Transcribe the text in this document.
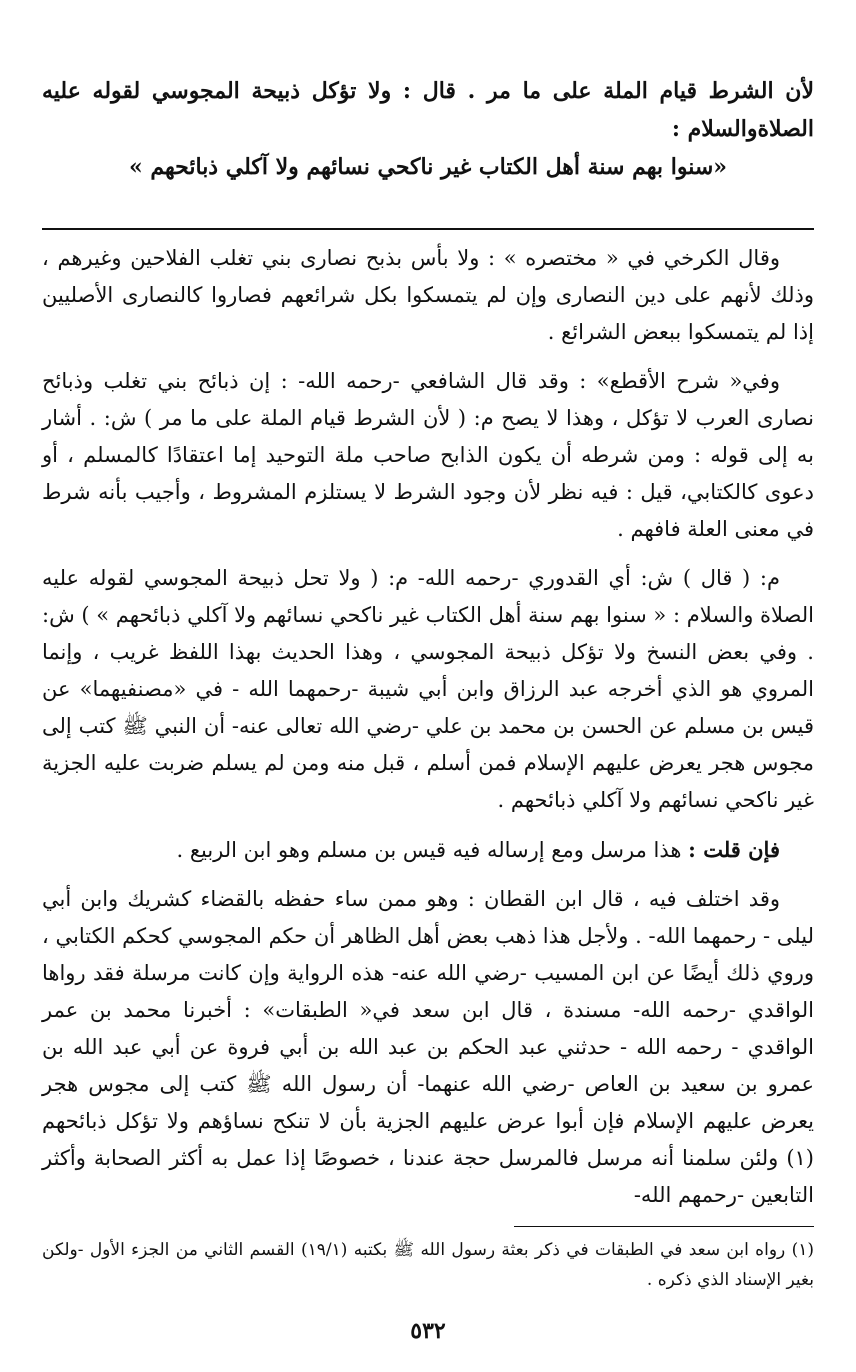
لأن الشرط قيام الملة على ما مر . قال : ولا تؤكل ذبيحة المجوسي لقوله عليه الصلاةوالسلام :

«سنوا بهم سنة أهل الكتاب غير ناكحي نسائهم ولا آكلي ذبائحهم »

وقال الكرخي في « مختصره » : ولا بأس بذبح نصارى بني تغلب الفلاحين وغيرهم ، وذلك لأنهم على دين النصارى وإن لم يتمسكوا بكل شرائعهم فصاروا كالنصارى الأصليين إذا لم يتمسكوا ببعض الشرائع .

وفي« شرح الأقطع» : وقد قال الشافعي -رحمه الله- : إن ذبائح بني تغلب وذبائح نصارى العرب لا تؤكل ، وهذا لا يصح م: ( لأن الشرط قيام الملة على ما مر ) ش: . أشار به إلى قوله : ومن شرطه أن يكون الذابح صاحب ملة التوحيد إما اعتقادًا كالمسلم ، أو دعوى كالكتابي، قيل : فيه نظر لأن وجود الشرط لا يستلزم المشروط ، وأجيب بأنه شرط في معنى العلة فافهم .

م: ( قال ) ش: أي القدوري -رحمه الله- م: ( ولا تحل ذبيحة المجوسي لقوله عليه الصلاة والسلام : « سنوا بهم سنة أهل الكتاب غير ناكحي نسائهم ولا آكلي ذبائحهم » ) ش: . وفي بعض النسخ ولا تؤكل ذبيحة المجوسي ، وهذا الحديث بهذا اللفظ غريب ، وإنما المروي هو الذي أخرجه عبد الرزاق وابن أبي شيبة -رحمهما الله - في «مصنفيهما» عن قيس بن مسلم عن الحسن بن محمد بن علي -رضي الله تعالى عنه- أن النبي ﷺ كتب إلى مجوس هجر يعرض عليهم الإسلام فمن أسلم ، قبل منه ومن لم يسلم ضربت عليه الجزية غير ناكحي نسائهم ولا آكلي ذبائحهم .

فإن قلت : هذا مرسل ومع إرساله فيه قيس بن مسلم وهو ابن الربيع .

وقد اختلف فيه ، قال ابن القطان : وهو ممن ساء حفظه بالقضاء كشريك وابن أبي ليلى - رحمهما الله- . ولأجل هذا ذهب بعض أهل الظاهر أن حكم المجوسي كحكم الكتابي ، وروي ذلك أيضًا عن ابن المسيب -رضي الله عنه- هذه الرواية وإن كانت مرسلة فقد رواها الواقدي -رحمه الله- مسندة ، قال ابن سعد في« الطبقات» : أخبرنا محمد بن عمر الواقدي - رحمه الله - حدثني عبد الحكم بن عبد الله بن أبي فروة عن أبي عبد الله بن عمرو بن سعيد بن العاص -رضي الله عنهما- أن رسول الله ﷺ كتب إلى مجوس هجر يعرض عليهم الإسلام فإن أبوا عرض عليهم الجزية بأن لا تنكح نساؤهم ولا تؤكل ذبائحهم (١) ولئن سلمنا أنه مرسل فالمرسل حجة عندنا ، خصوصًا إذا عمل به أكثر الصحابة وأكثر التابعين -رحمهم الله-

(١) رواه ابن سعد في الطبقات في ذكر بعثة رسول الله ﷺ بكتبه (١٩/١) القسم الثاني من الجزء الأول -ولكن بغير الإسناد الذي ذكره .

٥٣٢
